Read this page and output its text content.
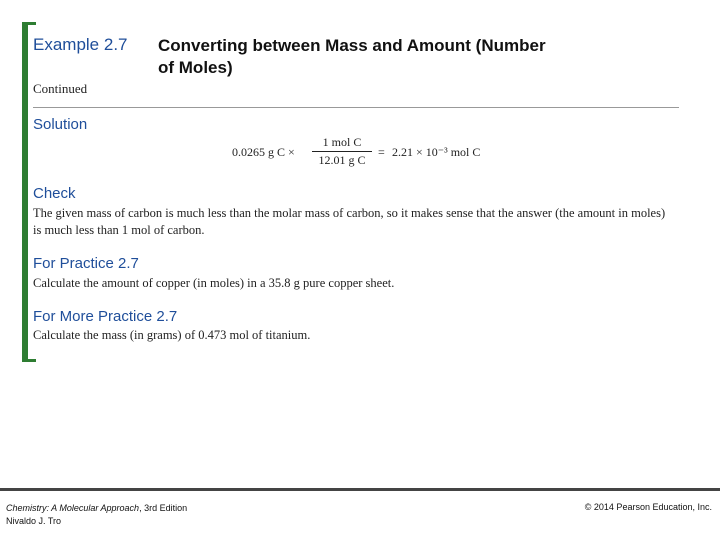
Example 2.7 Converting between Mass and Amount (Number
of Moles)
Continued
Solution
0.0265 g C ×
1 mol C
12.01 g C
= 2.21 × 10⁻³ mol C
Check
The given mass of carbon is much less than the molar mass of carbon, so it makes sense that the answer (the amount in moles) is much less than 1 mol of carbon.
For Practice 2.7
Calculate the amount of copper (in moles) in a 35.8 g pure copper sheet.
For More Practice 2.7
Calculate the mass (in grams) of 0.473 mol of titanium.
Chemistry: A Molecular Approach, 3rd Edition
Nivaldo J. Tro
© 2014 Pearson Education, Inc.
